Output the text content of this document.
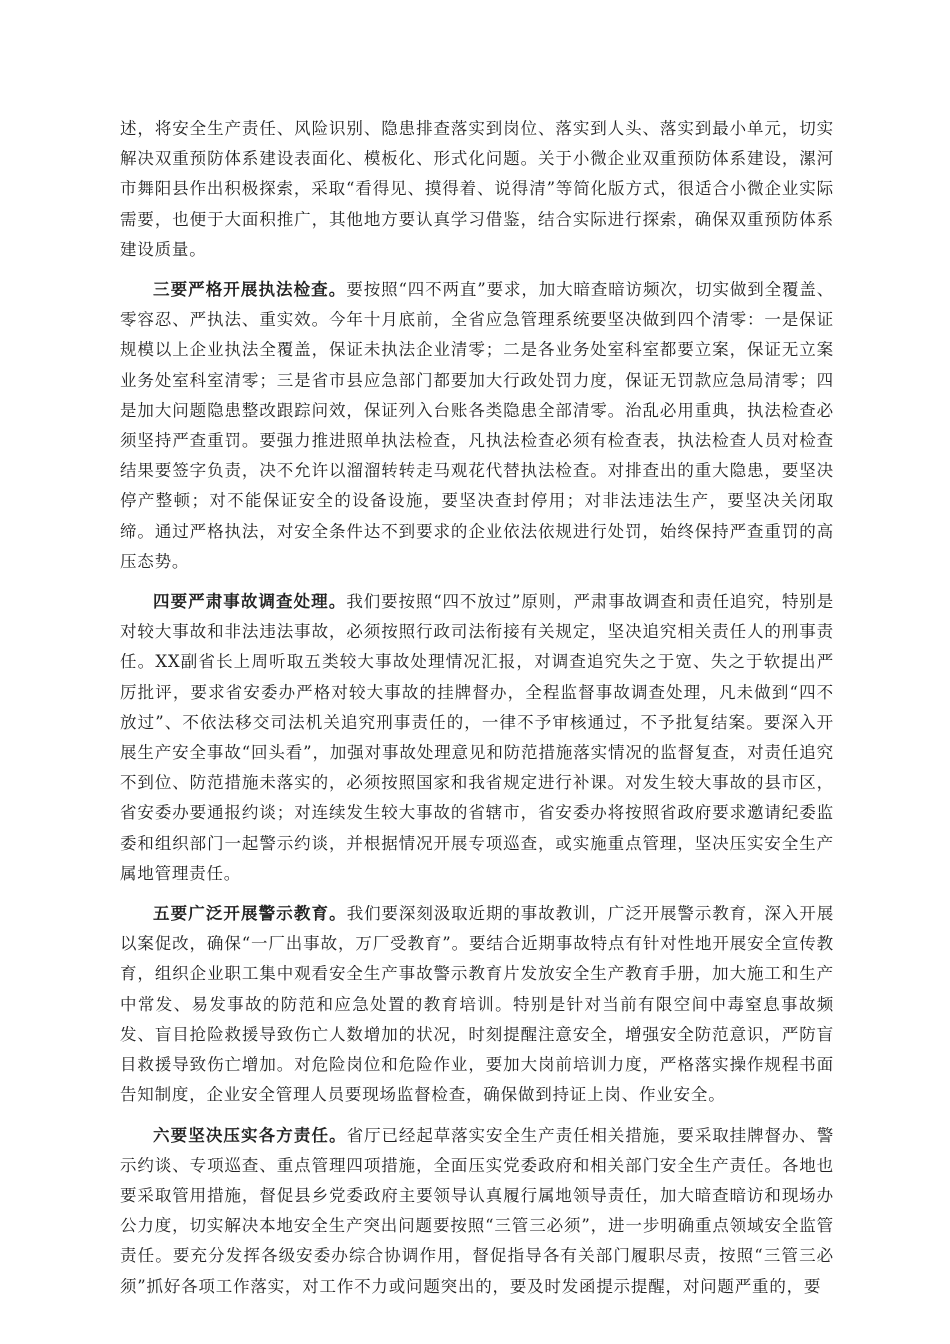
述，将安全生产责任、风险识别、隐患排查落实到岗位、落实到人头、落实到最小单元，切实解决双重预防体系建设表面化、模板化、形式化问题。关于小微企业双重预防体系建设，漯河市舞阳县作出积极探索，采取“看得见、摸得着、说得清”等简化版方式，很适合小微企业实际需要，也便于大面积推广，其他地方要认真学习借鉴，结合实际进行探索，确保双重预防体系建设质量。

三要严格开展执法检查。要按照“四不两直”要求，加大暗查暗访频次，切实做到全覆盖、零容忍、严执法、重实效。今年十月底前，全省应急管理系统要坚决做到四个清零：一是保证规模以上企业执法全覆盖，保证未执法企业清零；二是各业务处室科室都要立案，保证无立案业务处室科室清零；三是省市县应急部门都要加大行政处罚力度，保证无罚款应急局清零；四是加大问题隐患整改跟踪问效，保证列入台账各类隐患全部清零。治乱必用重典，执法检查必须坚持严查重罚。要强力推进照单执法检查，凡执法检查必须有检查表，执法检查人员对检查结果要签字负责，决不允许以溜溜转转走马观花代替执法检查。对排查出的重大隐患，要坚决停产整顿；对不能保证安全的设备设施，要坚决查封停用；对非法违法生产，要坚决关闭取缔。通过严格执法，对安全条件达不到要求的企业依法依规进行处罚，始终保持严查重罚的高压态势。

四要严肃事故调查处理。我们要按照“四不放过”原则，严肃事故调查和责任追究，特别是对较大事故和非法违法事故，必须按照行政司法衔接有关规定，坚决追究相关责任人的刑事责任。XX副省长上周听取五类较大事故处理情况汇报，对调查追究失之于宽、失之于软提出严厉批评，要求省安委办严格对较大事故的挂牌督办，全程监督事故调查处理，凡未做到“四不放过”、不依法移交司法机关追究刑事责任的，一律不予审核通过，不予批复结案。要深入开展生产安全事故“回头看”，加强对事故处理意见和防范措施落实情况的监督复查，对责任追究不到位、防范措施未落实的，必须按照国家和我省规定进行补课。对发生较大事故的县市区，省安委办要通报约谈；对连续发生较大事故的省辖市，省安委办将按照省政府要求邀请纪委监委和组织部门一起警示约谈，并根据情况开展专项巡查，或实施重点管理，坚决压实安全生产属地管理责任。

五要广泛开展警示教育。我们要深刻汲取近期的事故教训，广泛开展警示教育，深入开展以案促改，确保“一厂出事故，万厂受教育”。要结合近期事故特点有针对性地开展安全宣传教育，组织企业职工集中观看安全生产事故警示教育片发放安全生产教育手册，加大施工和生产中常发、易发事故的防范和应急处置的教育培训。特别是针对当前有限空间中毒窒息事故频发、盲目抢险救援导致伤亡人数增加的状况，时刻提醒注意安全，增强安全防范意识，严防盲目救援导致伤亡增加。对危险岗位和危险作业，要加大岗前培训力度，严格落实操作规程书面告知制度，企业安全管理人员要现场监督检查，确保做到持证上岗、作业安全。

六要坚决压实各方责任。省厅已经起草落实安全生产责任相关措施，要采取挂牌督办、警示约谈、专项巡查、重点管理四项措施，全面压实党委政府和相关部门安全生产责任。各地也要采取管用措施，督促县乡党委政府主要领导认真履行属地领导责任，加大暗查暗访和现场办公力度，切实解决本地安全生产突出问题要按照“三管三必须”，进一步明确重点领域安全监管责任。要充分发挥各级安委办综合协调作用，督促指导各有关部门履职尽责，按照“三管三必须”抓好各项工作落实，对工作不力或问题突出的，要及时发函提示提醒，对问题严重的，要
